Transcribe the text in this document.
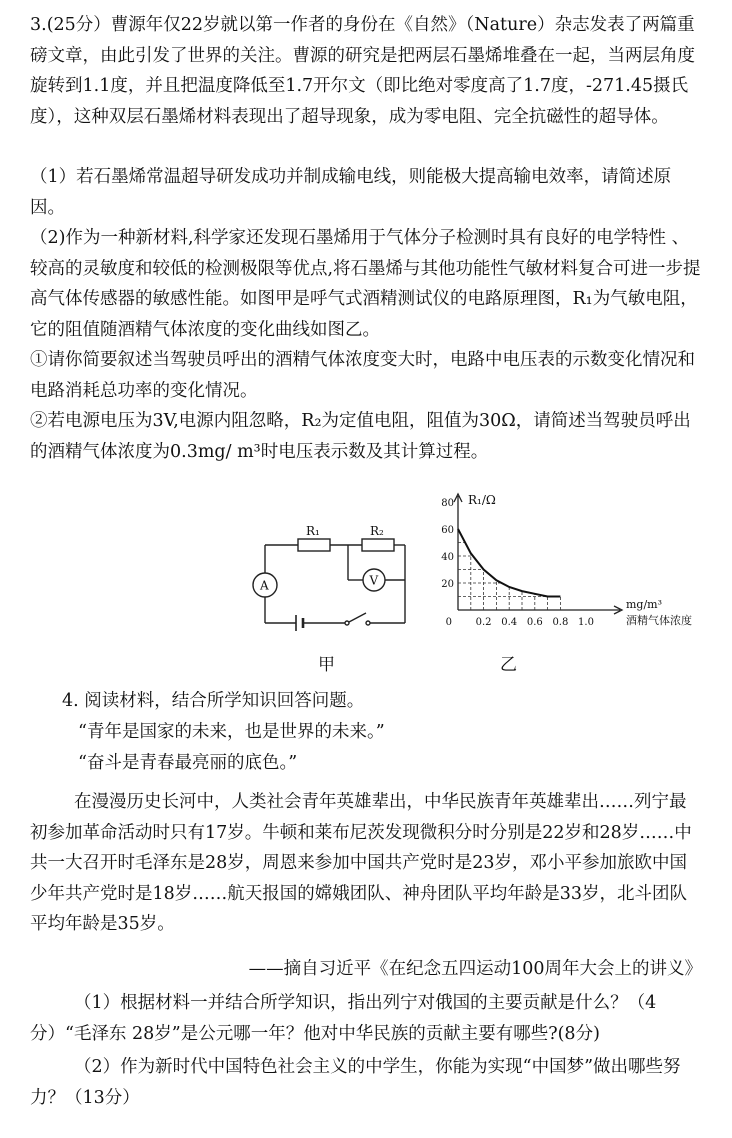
3.(25分）曹源年仅22岁就以第一作者的身份在《自然》（Nature）杂志发表了两篇重磅文章，由此引发了世界的关注。曹源的研究是把两层石墨烯堆叠在一起，当两层角度旋转到1.1度，并且把温度降低至1.7开尔文（即比绝对零度高了1.7度，-271.45摄氏度），这种双层石墨烯材料表现出了超导现象，成为零电阻、完全抗磁性的超导体。
（1）若石墨烯常温超导研发成功并制成输电线，则能极大提高输电效率，请简述原因。
（2)作为一种新材料,科学家还发现石墨烯用于气体分子检测时具有良好的电学特性 、较高的灵敏度和较低的检测极限等优点,将石墨烯与其他功能性气敏材料复合可进一步提高气体传感器的敏感性能。如图甲是呼气式酒精测试仪的电路原理图，R₁为气敏电阻，它的阻值随酒精气体浓度的变化曲线如图乙。
①请你简要叙述当驾驶员呼出的酒精气体浓度变大时，电路中电压表的示数变化情况和电路消耗总功率的变化情况。
②若电源电压为3V,电源内阻忽略，R₂为定值电阻，阻值为30Ω，请简述当驾驶员呼出的酒精气体浓度为0.3mg/ m³时电压表示数及其计算过程。
R₁	R₂
A	V
甲
80
60
40
20
0.2 0.4 0.6 0.8 1.0
0
R₁/Ω
mg/m³
酒精气体浓度
乙
4. 阅读材料，结合所学知识回答问题。
“青年是国家的未来，也是世界的未来。”
“奋斗是青春最亮丽的底色。”
在漫漫历史长河中，人类社会青年英雄辈出，中华民族青年英雄辈出……列宁最初参加革命活动时只有17岁。牛顿和莱布尼茨发现微积分时分别是22岁和28岁……中共一大召开时毛泽东是28岁，周恩来参加中国共产党时是23岁，邓小平参加旅欧中国少年共产党时是18岁……航天报国的嫦娥团队、神舟团队平均年龄是33岁，北斗团队平均年龄是35岁。
——摘自习近平《在纪念五四运动100周年大会上的讲义》
（1）根据材料一并结合所学知识，指出列宁对俄国的主要贡献是什么？（4分）“毛泽东 28岁”是公元哪一年？他对中华民族的贡献主要有哪些?(8分)
（2）作为新时代中国特色社会主义的中学生，你能为实现“中国梦”做出哪些努力？（13分）
